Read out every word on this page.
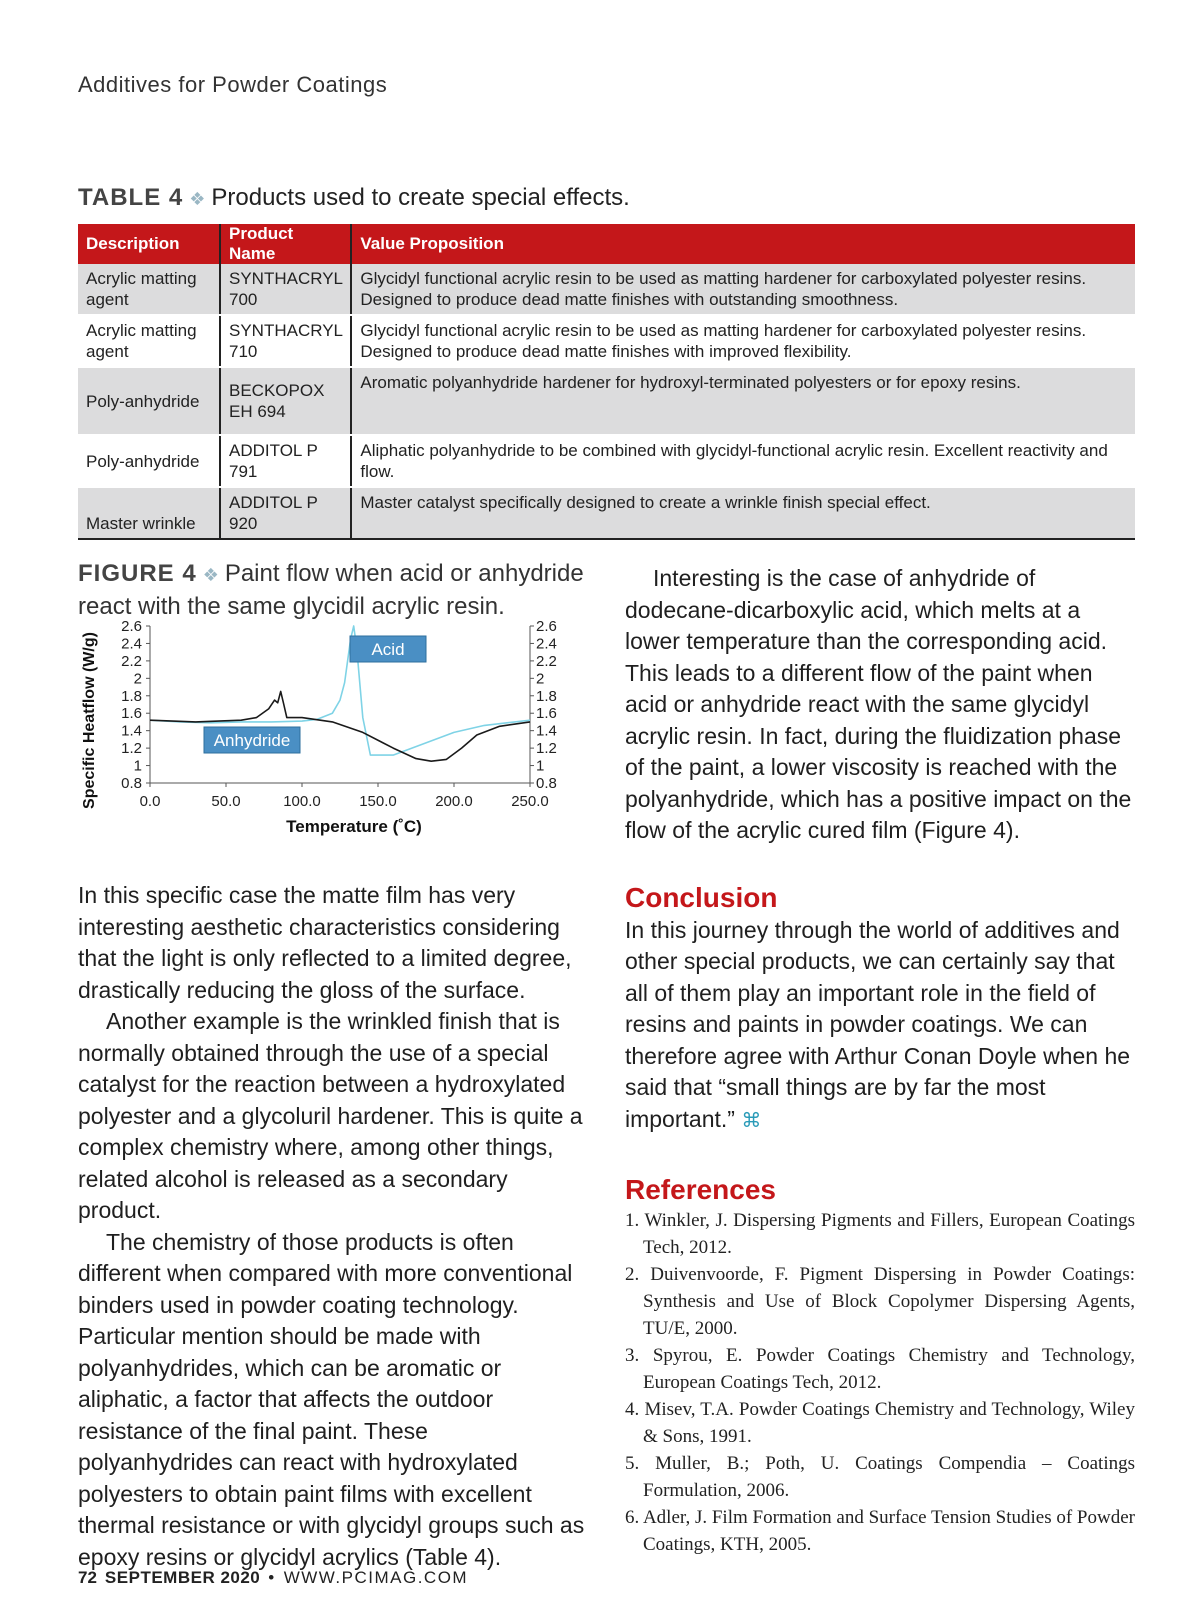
Additives for Powder Coatings
TABLE 4 ❖ Products used to create special effects.
Description	Product Name	Value Proposition
Acrylic matting agent	SYNTHACRYL 700	Glycidyl functional acrylic resin to be used as matting hardener for carboxylated polyester resins. Designed to produce dead matte finishes with outstanding smoothness.
Acrylic matting agent	SYNTHACRYL 710	Glycidyl functional acrylic resin to be used as matting hardener for carboxylated polyester resins. Designed to produce dead matte finishes with improved flexibility.
Poly-anhydride	BECKOPOX EH 694	Aromatic polyanhydride hardener for hydroxyl-terminated polyesters or for epoxy resins.
Poly-anhydride	ADDITOL P 791	Aliphatic polyanhydride to be combined with glycidyl-functional acrylic resin. Excellent reactivity and flow.
Master wrinkle	ADDITOL P 920	Master catalyst specifically designed to create a wrinkle finish special effect.
FIGURE 4 ❖ Paint flow when acid or anhydride react with the same glycidil acrylic resin.
0.8	0.8
1	1
1.2	1.2
1.4	1.4
1.6	1.6
1.8	1.8
2	2
2.2	2.2
2.4	2.4
2.6	2.6
0.0	50.0	100.0	150.0	200.0	250.0
Temperature (˚C)
Specific Heatflow (W/g)	Acid
Anhydride

In this specific case the matte film has very interesting aesthetic characteristics considering that the light is only reflected to a limited degree, drastically reducing the gloss of the surface.

Another example is the wrinkled finish that is normally obtained through the use of a special catalyst for the reaction between a hydroxylated polyester and a glycoluril hardener. This is quite a complex chemistry where, among other things, related alcohol is released as a secondary product.

The chemistry of those products is often different when compared with more conventional binders used in powder coating technology. Particular mention should be made with polyanhydrides, which can be aromatic or aliphatic, a factor that affects the outdoor resistance of the final paint. These polyanhydrides can react with hydroxylated polyesters to obtain paint films with excellent thermal resistance or with glycidyl groups such as epoxy resins or glycidyl acrylics (Table 4).

Interesting is the case of anhydride of dodecane-dicarboxylic acid, which melts at a lower temperature than the corresponding acid. This leads to a different flow of the paint when acid or anhydride react with the same glycidyl acrylic resin. In fact, during the fluidization phase of the paint, a lower viscosity is reached with the polyanhydride, which has a positive impact on the flow of the acrylic cured film (Figure 4).

Conclusion

In this journey through the world of additives and other special products, we can certainly say that all of them play an important role in the field of resins and paints in powder coatings. We can therefore agree with Arthur Conan Doyle when he said that “small things are by far the most important.” ⌘

References
1. Winkler, J. Dispersing Pigments and Fillers, European Coatings Tech, 2012.
2. Duivenvoorde, F. Pigment Dispersing in Powder Coatings: Synthesis and Use of Block Copolymer Dispersing Agents, TU/E, 2000.
3. Spyrou, E. Powder Coatings Chemistry and Technology, European Coatings Tech, 2012.
4. Misev, T.A. Powder Coatings Chemistry and Technology, Wiley & Sons, 1991.
5. Muller, B.; Poth, U. Coatings Compendia – Coatings Formulation, 2006.
6. Adler, J. Film Formation and Surface Tension Studies of Powder Coatings, KTH, 2005.
72 SEPTEMBER 2020 • WWW.PCIMAG.COM
